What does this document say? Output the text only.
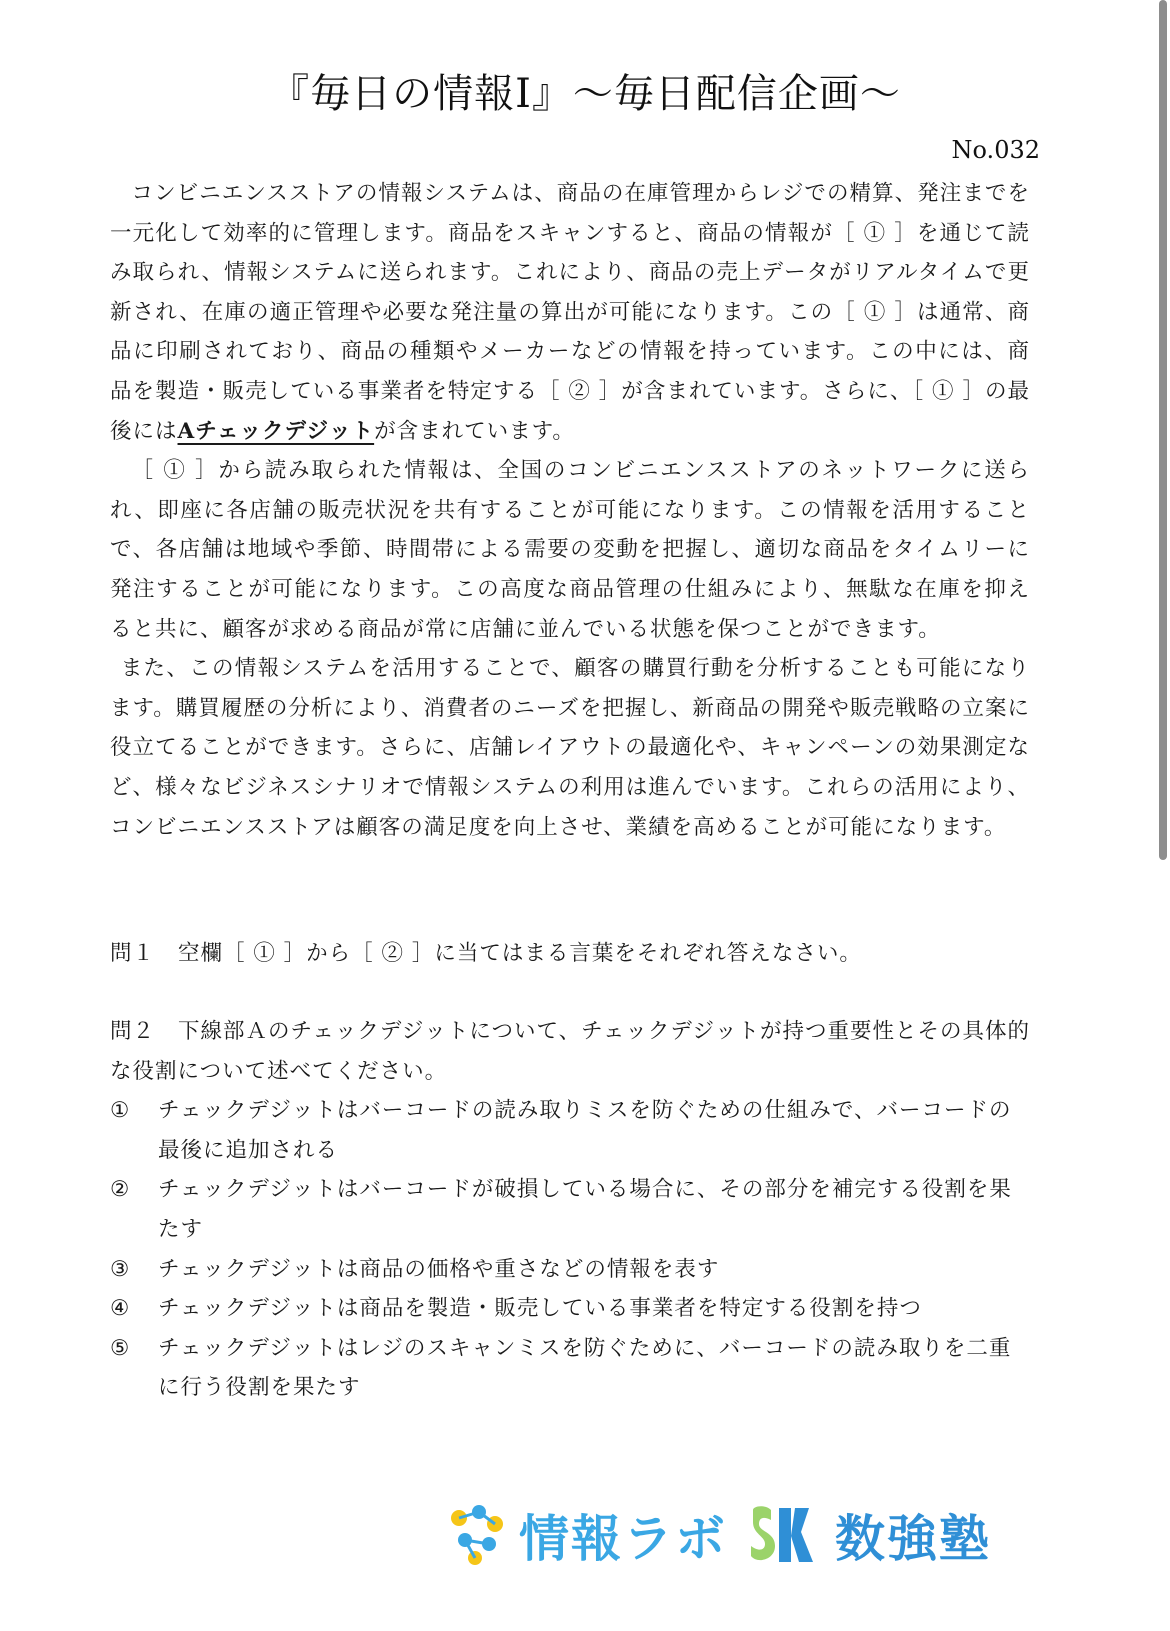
『毎日の情報Ⅰ』〜毎日配信企画〜
No.032

コンビニエンスストアの情報システムは、商品の在庫管理からレジでの精算、発注までを一元化して効率的に管理します。商品をスキャンすると、商品の情報が［ ① ］を通じて読み取られ、情報システムに送られます。これにより、商品の売上データがリアルタイムで更新され、在庫の適正管理や必要な発注量の算出が可能になります。この［ ① ］は通常、商品に印刷されており、商品の種類やメーカーなどの情報を持っています。この中には、商品を製造・販売している事業者を特定する［ ② ］が含まれています。さらに、［ ① ］の最後にはAチェックデジットが含まれています。

［ ① ］から読み取られた情報は、全国のコンビニエンスストアのネットワークに送られ、即座に各店舗の販売状況を共有することが可能になります。この情報を活用することで、各店舗は地域や季節、時間帯による需要の変動を把握し、適切な商品をタイムリーに発注することが可能になります。この高度な商品管理の仕組みにより、無駄な在庫を抑えると共に、顧客が求める商品が常に店舗に並んでいる状態を保つことができます。

また、この情報システムを活用することで、顧客の購買行動を分析することも可能になります。購買履歴の分析により、消費者のニーズを把握し、新商品の開発や販売戦略の立案に役立てることができます。さらに、店舗レイアウトの最適化や、キャンペーンの効果測定など、様々なビジネスシナリオで情報システムの利用は進んでいます。これらの活用により、コンビニエンスストアは顧客の満足度を向上させ、業績を高めることが可能になります。

問１ 空欄［ ① ］から［ ② ］に当てはまる言葉をそれぞれ答えなさい。
問２ 下線部Ａのチェックデジットについて、チェックデジットが持つ重要性とその具体的な役割について述べてください。
①	チェックデジットはバーコードの読み取りミスを防ぐための仕組みで、バーコードの最後に追加される
②	チェックデジットはバーコードが破損している場合に、その部分を補完する役割を果たす
③	チェックデジットは商品の価格や重さなどの情報を表す
④	チェックデジットは商品を製造・販売している事業者を特定する役割を持つ
⑤	チェックデジットはレジのスキャンミスを防ぐために、バーコードの読み取りを二重に行う役割を果たす
情報ラボ 数強塾
